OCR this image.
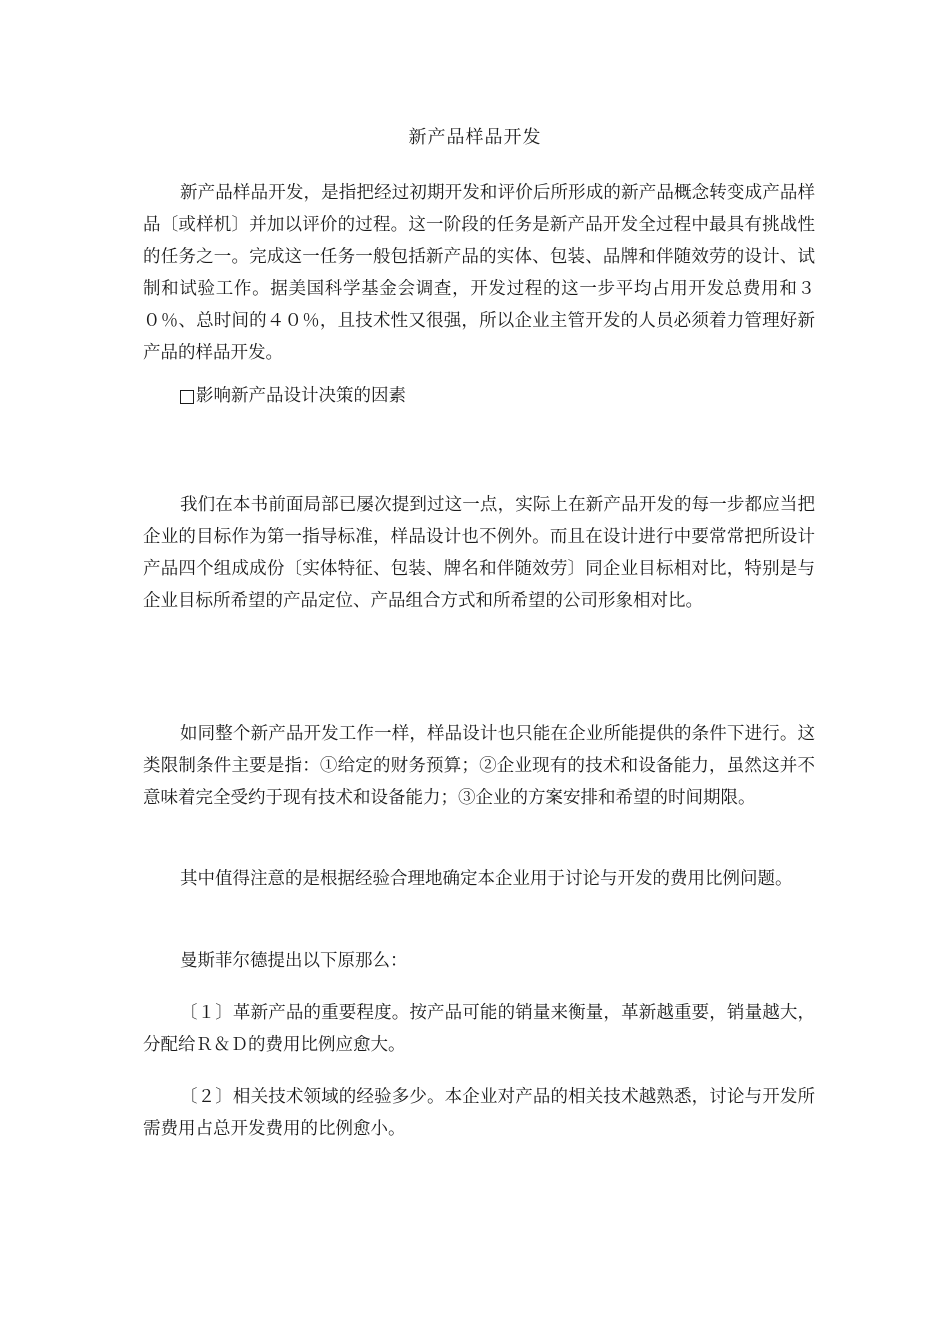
新产品样品开发

新产品样品开发，是指把经过初期开发和评价后所形成的新产品概念转变成产品样品〔或样机〕并加以评价的过程。这一阶段的任务是新产品开发全过程中最具有挑战性的任务之一。完成这一任务一般包括新产品的实体、包装、品牌和伴随效劳的设计、试制和试验工作。据美国科学基金会调查，开发过程的这一步平均占用开发总费用和３０％、总时间的４０％，且技术性又很强，所以企业主管开发的人员必须着力管理好新产品的样品开发。

影响新产品设计决策的因素

我们在本书前面局部已屡次提到过这一点，实际上在新产品开发的每一步都应当把企业的目标作为第一指导标准，样品设计也不例外。而且在设计进行中要常常把所设计产品四个组成成份〔实体特征、包装、牌名和伴随效劳〕同企业目标相对比，特别是与企业目标所希望的产品定位、产品组合方式和所希望的公司形象相对比。

如同整个新产品开发工作一样，样品设计也只能在企业所能提供的条件下进行。这类限制条件主要是指：①给定的财务预算；②企业现有的技术和设备能力，虽然这并不意味着完全受约于现有技术和设备能力；③企业的方案安排和希望的时间期限。

其中值得注意的是根据经验合理地确定本企业用于讨论与开发的费用比例问题。

曼斯菲尔德提出以下原那么：

〔１〕革新产品的重要程度。按产品可能的销量来衡量，革新越重要，销量越大，分配给Ｒ＆Ｄ的费用比例应愈大。

〔２〕相关技术领域的经验多少。本企业对产品的相关技术越熟悉，讨论与开发所需费用占总开发费用的比例愈小。
